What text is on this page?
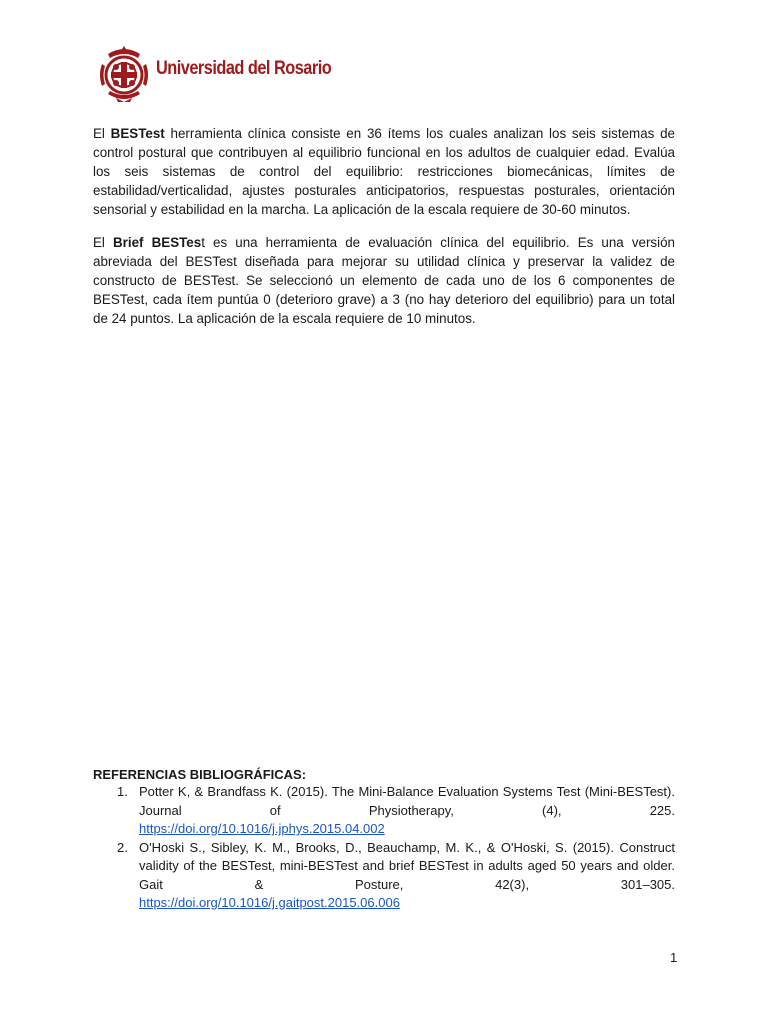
Universidad del Rosario

El BESTest herramienta clínica consiste en 36 ítems los cuales analizan los seis sistemas de control postural que contribuyen al equilibrio funcional en los adultos de cualquier edad. Evalúa los seis sistemas de control del equilibrio: restricciones biomecánicas, límites de estabilidad/verticalidad, ajustes posturales anticipatorios, respuestas posturales, orientación sensorial y estabilidad en la marcha. La aplicación de la escala requiere de 30-60 minutos.

El Brief BESTest es una herramienta de evaluación clínica del equilibrio. Es una versión abreviada del BESTest diseñada para mejorar su utilidad clínica y preservar la validez de constructo de BESTest. Se seleccionó un elemento de cada uno de los 6 componentes de BESTest, cada ítem puntúa 0 (deterioro grave) a 3 (no hay deterioro del equilibrio) para un total de 24 puntos. La aplicación de la escala requiere de 10 minutos.

REFERENCIAS BIBLIOGRÁFICAS:

1. Potter K, & Brandfass K. (2015). The Mini-Balance Evaluation Systems Test (Mini-BESTest). Journal of Physiotherapy, (4), 225.
https://doi.org/10.1016/j.jphys.2015.04.002
2. O'Hoski S., Sibley, K. M., Brooks, D., Beauchamp, M. K., & O'Hoski, S. (2015). Construct validity of the BESTest, mini-BESTest and brief BESTest in adults aged 50 years and older. Gait & Posture, 42(3), 301–305.
https://doi.org/10.1016/j.gaitpost.2015.06.006

1
